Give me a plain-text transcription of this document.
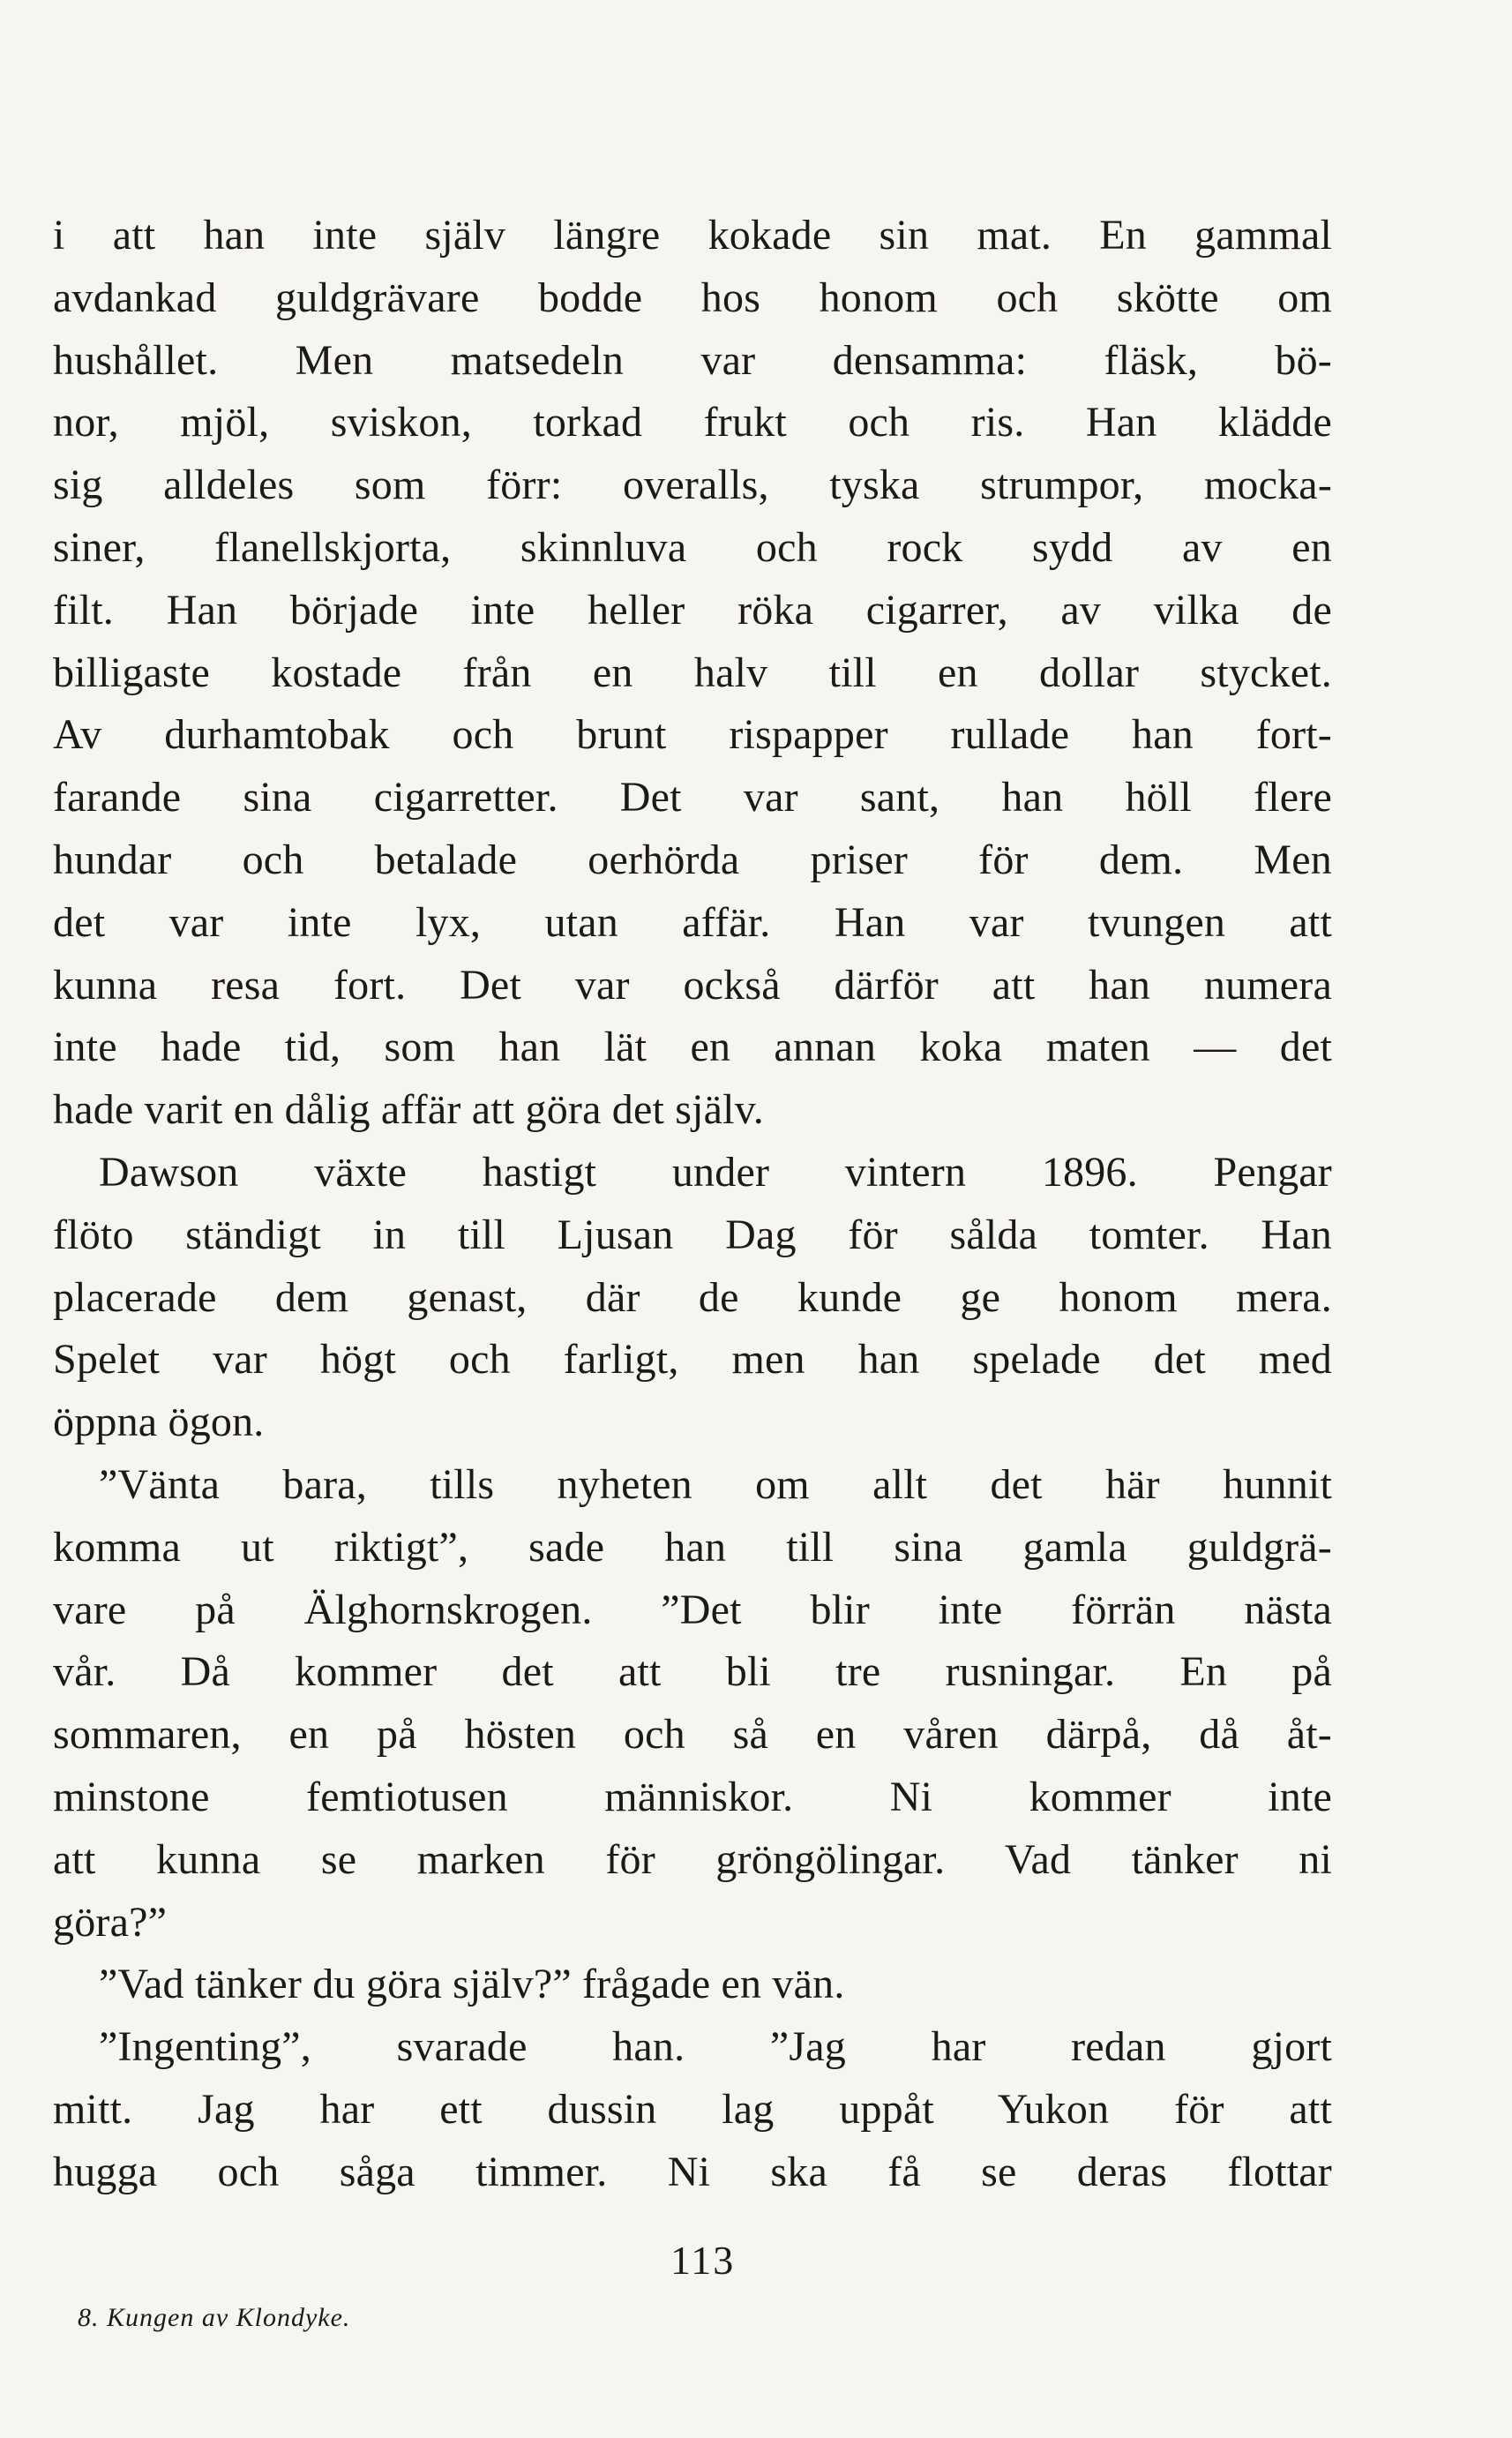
i att han inte själv längre kokade sin mat. En gammal
avdankad guldgrävare bodde hos honom och skötte om
hushållet. Men matsedeln var densamma: fläsk, bö-
nor, mjöl, sviskon, torkad frukt och ris. Han klädde
sig alldeles som förr: overalls, tyska strumpor, mocka-
siner, flanellskjorta, skinnluva och rock sydd av en
filt. Han började inte heller röka cigarrer, av vilka de
billigaste kostade från en halv till en dollar stycket.
Av durhamtobak och brunt rispapper rullade han fort-
farande sina cigarretter. Det var sant, han höll flere
hundar och betalade oerhörda priser för dem. Men
det var inte lyx, utan affär. Han var tvungen att
kunna resa fort. Det var också därför att han numera
inte hade tid, som han lät en annan koka maten — det
hade varit en dålig affär att göra det själv.
Dawson växte hastigt under vintern 1896. Pengar
flöto ständigt in till Ljusan Dag för sålda tomter. Han
placerade dem genast, där de kunde ge honom mera.
Spelet var högt och farligt, men han spelade det med
öppna ögon.
”Vänta bara, tills nyheten om allt det här hunnit
komma ut riktigt”, sade han till sina gamla guldgrä-
vare på Älghornskrogen. ”Det blir inte förrän nästa
vår. Då kommer det att bli tre rusningar. En på
sommaren, en på hösten och så en våren därpå, då åt-
minstone femtiotusen människor. Ni kommer inte
att kunna se marken för gröngölingar. Vad tänker ni
göra?”
”Vad tänker du göra själv?” frågade en vän.
”Ingenting”, svarade han. ”Jag har redan gjort
mitt. Jag har ett dussin lag uppåt Yukon för att
hugga och såga timmer. Ni ska få se deras flottar
113
8. Kungen av Klondyke.
